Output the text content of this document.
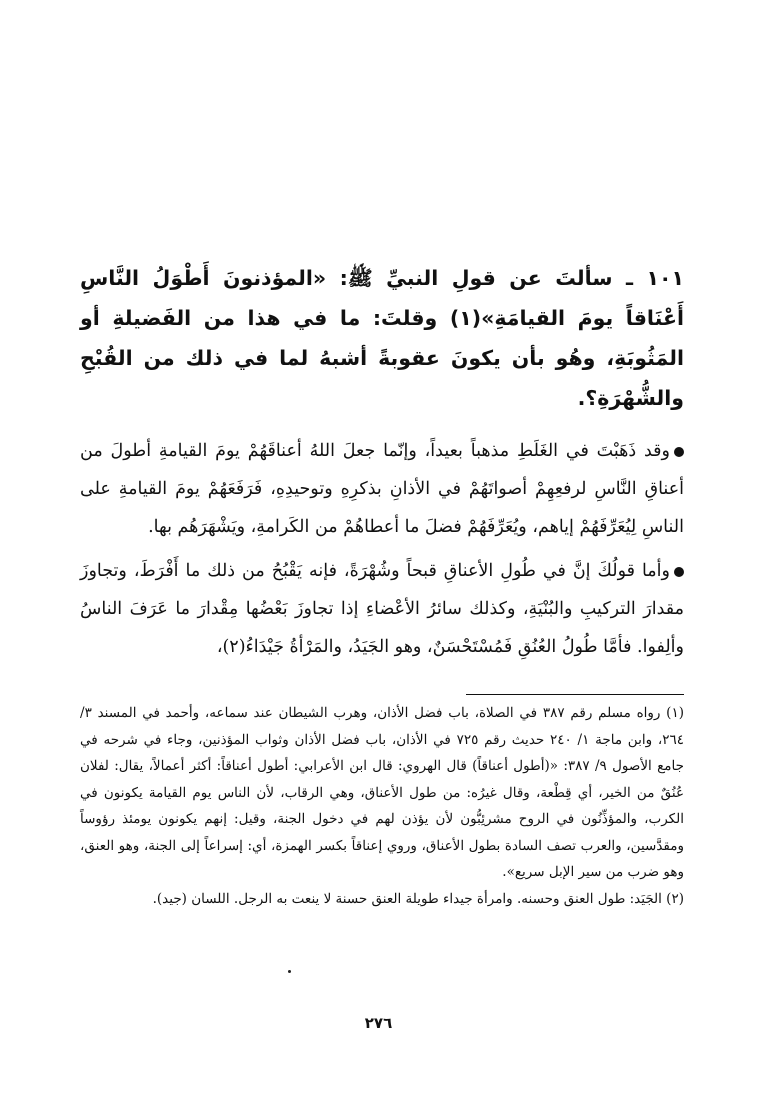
١٠١ ـ سألتَ عن قولِ النبيِّ ﷺ: «المؤذنونَ أَطْوَلُ النَّاسِ أَعْنَاقاً يومَ القيامَةِ»(١) وقلتَ: ما في هذا من الفَضيلةِ أو المَثُوبَةِ، وهُو بأن يكونَ عقوبةً أشبهُ لما في ذلك من القُبْحِ والشُّهْرَةِ؟.

وقد ذَهَبْتَ في الغَلَطِ مذهباً بعيداً، وإنّما جعلَ اللهُ أعناقَهُمْ يومَ القيامةِ أطولَ من أعناقِ النَّاسِ لرفعِهِمْ أصواتَهُمْ في الأذانِ بذكرِهِ وتوحيدِهِ، فَرَفَعَهُمْ يومَ القيامةِ على الناسِ لِيُعَرِّفَهُمْ إياهم، ويُعَرِّفَهُمْ فضلَ ما أعطاهُمْ من الكَرامةِ، ويَشْهَرَهُم بها.

وأما قولُكَ إنَّ في طُولِ الأعناقِ قبحاً وشُهْرَةً، فإنه يَقْبُحُ من ذلك ما أَفْرَطَ، وتجاوزَ مقدارَ التركيبِ والبُنْيَةِ، وكذلك سائرُ الأعْضاءِ إذا تجاوزَ بَعْضُها مِقْدارَ ما عَرَفَ الناسُ وألِفوا. فأمَّا طُولُ العُنُقِ فَمُسْتَحْسَنٌ، وهو الجَيَدُ، والمَرْأةُ جَيْدَاءُ(٢)،

(١) رواه مسلم رقم ٣٨٧ في الصلاة، باب فضل الأذان، وهرب الشيطان عند سماعه، وأحمد في المسند ٣/ ٢٦٤، وابن ماجة ١/ ٢٤٠ حديث رقم ٧٢٥ في الأذان، باب فضل الأذان وثواب المؤذنين، وجاء في شرحه في جامع الأصول ٩/ ٣٨٧: «(أطول أعناقاً) قال الهروي: قال ابن الأعرابي: أطول أعناقاً: أكثر أعمالاً، يقال: لفلان عُنُقٌ من الخير، أي قِطْعة، وقال غيرُه: من طول الأعناق، وهي الرقاب، لأن الناس يوم القيامة يكونون في الكرب، والمؤذِّنُون في الروح مشرئِبُّون لأن يؤذن لهم في دخول الجنة، وقيل: إنهم يكونون يومئذ رؤوساً ومقدَّسين، والعرب تصف السادة بطول الأعناق، وروي إعناقاً بكسر الهمزة، أي: إسراعاً إلى الجنة، وهو العنق، وهو ضرب من سير الإبل سريع».

(٢) الجَيَد: طول العنق وحسنه. وامرأة جيداء طويلة العنق حسنة لا ينعت به الرجل. اللسان (جيد).

٢٧٦
